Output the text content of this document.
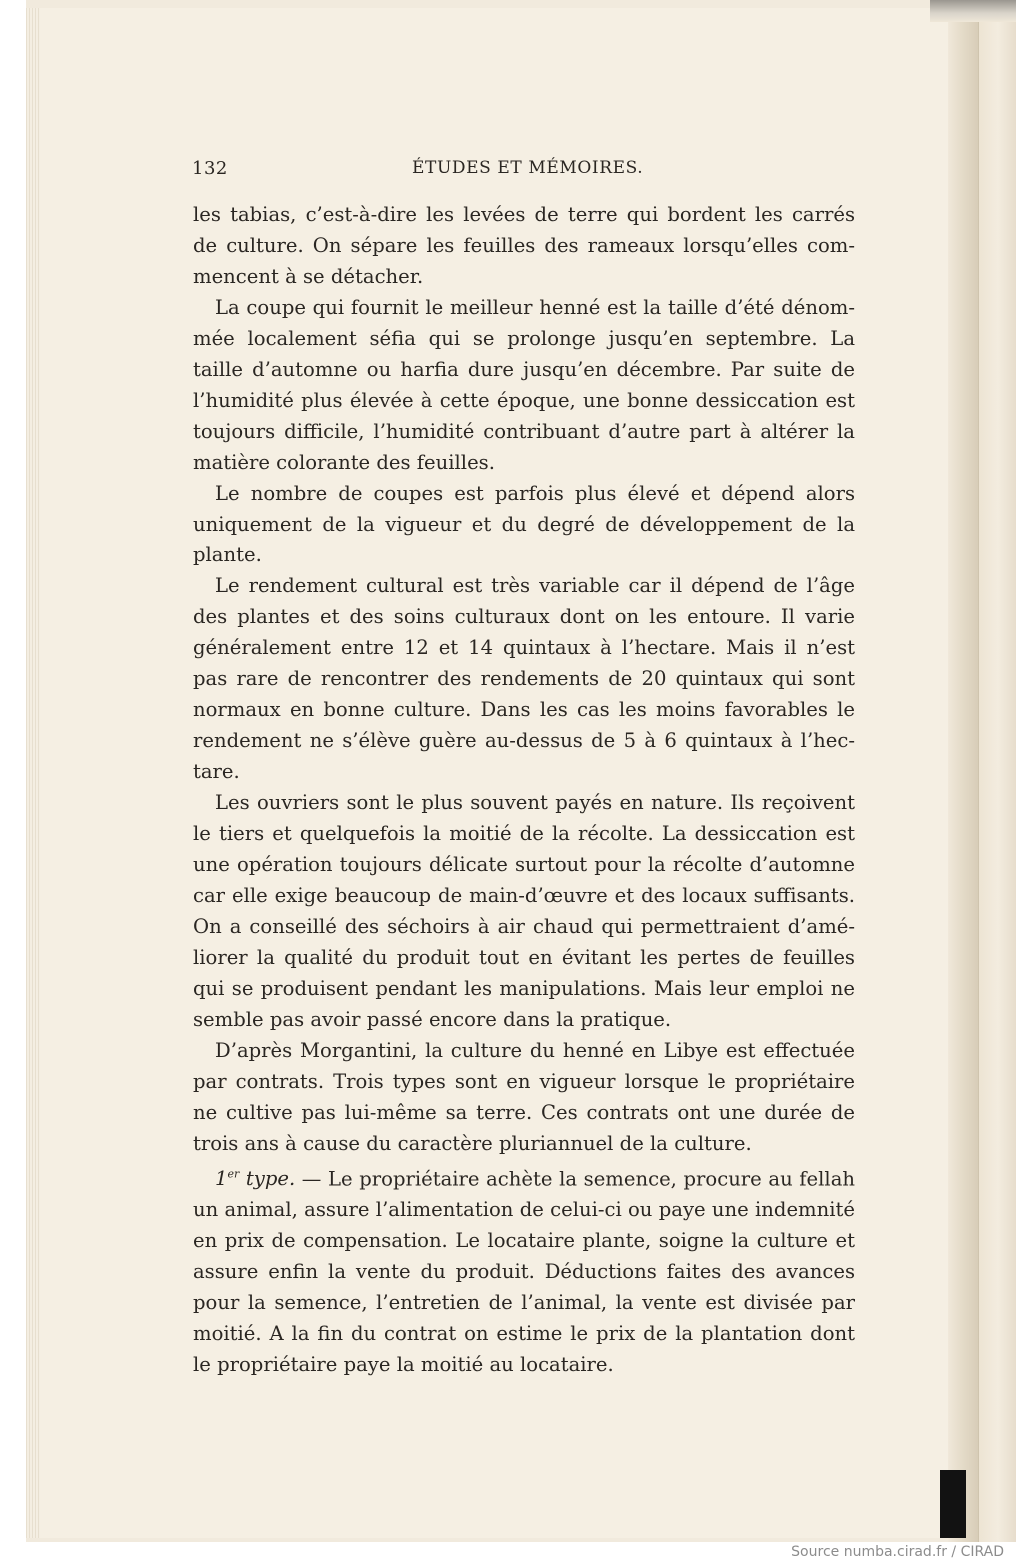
132	ÉTUDES ET MÉMOIRES.

les tabias, c’est-à-dire les levées de terre qui bordent les carrés de culture. On sépare les feuilles des rameaux lorsqu’elles commencent à se détacher.

La coupe qui fournit le meilleur henné est la taille d’été dénommée localement séfia qui se prolonge jusqu’en septembre. La taille d’automne ou harfia dure jusqu’en décembre. Par suite de l’humidité plus élevée à cette époque, une bonne dessiccation est toujours difficile, l’humidité contribuant d’autre part à altérer la matière colorante des feuilles.

Le nombre de coupes est parfois plus élevé et dépend alors uniquement de la vigueur et du degré de développement de la plante.

Le rendement cultural est très variable car il dépend de l’âge des plantes et des soins culturaux dont on les entoure. Il varie généralement entre 12 et 14 quintaux à l’hectare. Mais il n’est pas rare de rencontrer des rendements de 20 quintaux qui sont normaux en bonne culture. Dans les cas les moins favorables le rendement ne s’élève guère au-dessus de 5 à 6 quintaux à l’hectare.

Les ouvriers sont le plus souvent payés en nature. Ils reçoivent le tiers et quelquefois la moitié de la récolte. La dessiccation est une opération toujours délicate surtout pour la récolte d’automne car elle exige beaucoup de main-d’œuvre et des locaux suffisants. On a conseillé des séchoirs à air chaud qui permettraient d’améliorer la qualité du produit tout en évitant les pertes de feuilles qui se produisent pendant les manipulations. Mais leur emploi ne semble pas avoir passé encore dans la pratique.

D’après Morgantini, la culture du henné en Libye est effectuée par contrats. Trois types sont en vigueur lorsque le propriétaire ne cultive pas lui-même sa terre. Ces contrats ont une durée de trois ans à cause du caractère pluriannuel de la culture.

1er type. — Le propriétaire achète la semence, procure au fellah un animal, assure l’alimentation de celui-ci ou paye une indemnité en prix de compensation. Le locataire plante, soigne la culture et assure enfin la vente du produit. Déductions faites des avances pour la semence, l’entretien de l’animal, la vente est divisée par moitié. A la fin du contrat on estime le prix de la plantation dont le propriétaire paye la moitié au locataire.

Source numba.cirad.fr / CIRAD
